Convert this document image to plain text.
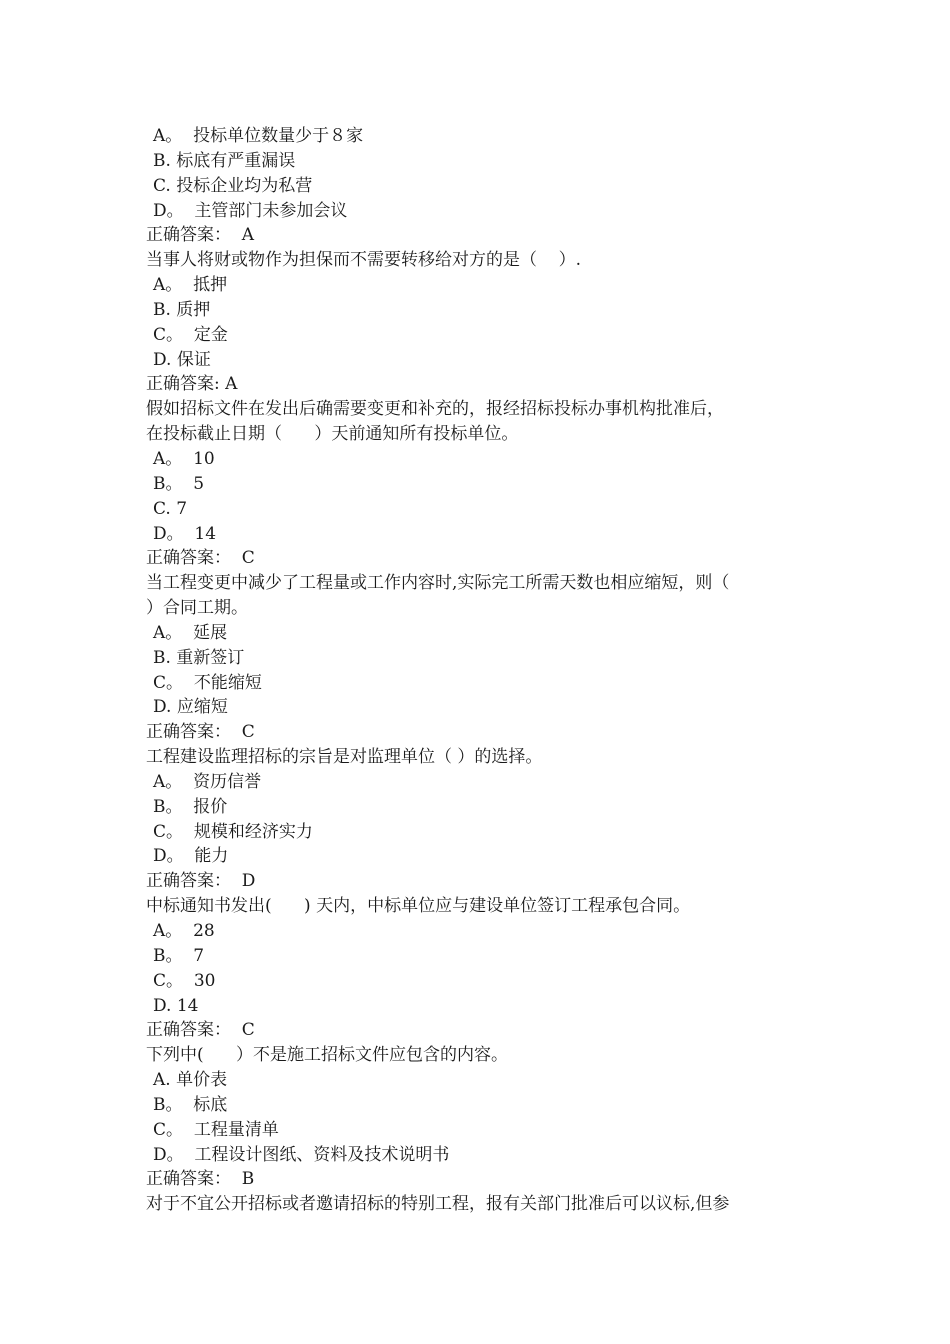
A。  投标单位数量少于８家
B. 标底有严重漏误
C. 投标企业均为私营
D。  主管部门未参加会议
正确答案：  A
当事人将财或物作为担保而不需要转移给对方的是（    ）.
A。  抵押
B. 质押
C。  定金
D. 保证
正确答案: A
假如招标文件在发出后确需要变更和补充的，报经招标投标办事机构批准后，
在投标截止日期（      ）天前通知所有投标单位。
A。  10
B。  5
C. 7
D。  14
正确答案：  C
当工程变更中减少了工程量或工作内容时,实际完工所需天数也相应缩短，则（
）合同工期。
A。  延展
B. 重新签订
C。  不能缩短
D. 应缩短
正确答案：  C
工程建设监理招标的宗旨是对监理单位（ ）的选择。
A。  资历信誉
B。  报价
C。  规模和经济实力
D。  能力
正确答案：  D
中标通知书发出(      ) 天内，中标单位应与建设单位签订工程承包合同。
A。  28
B。  7
C。  30
D. 14
正确答案：  C
下列中(      ）不是施工招标文件应包含的内容。
A. 单价表
B。  标底
C。  工程量清单
D。  工程设计图纸、资料及技术说明书
正确答案：  B
对于不宜公开招标或者邀请招标的特别工程，报有关部门批准后可以议标,但参
